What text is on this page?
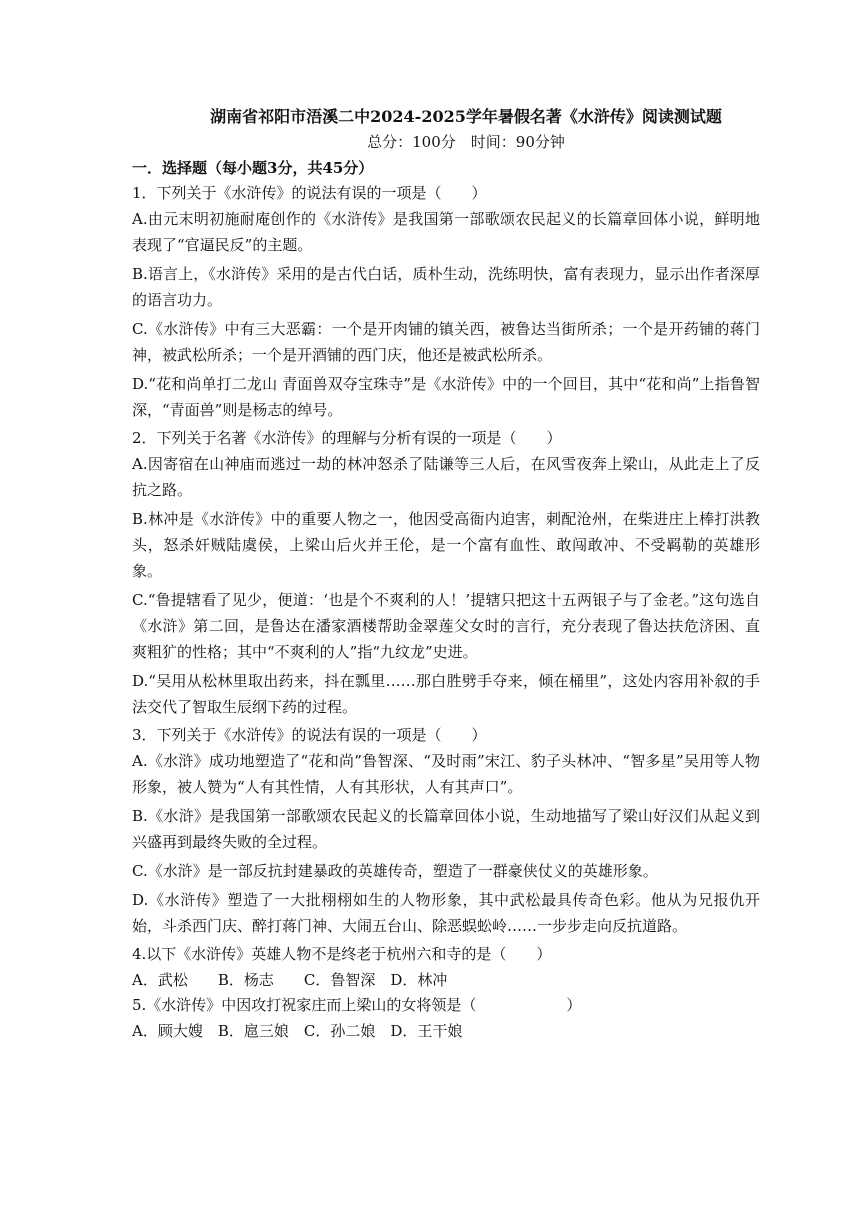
湖南省祁阳市浯溪二中2024-2025学年暑假名著《水浒传》阅读测试题
总分：100分　时间：90分钟
一．选择题（每小题3分，共45分）
1．下列关于《水浒传》的说法有误的一项是（　　）
A.由元末明初施耐庵创作的《水浒传》是我国第一部歌颂农民起义的长篇章回体小说，鲜明地表现了“官逼民反”的主题。
B.语言上，《水浒传》采用的是古代白话，质朴生动，洗练明快，富有表现力，显示出作者深厚的语言功力。
C.《水浒传》中有三大恶霸：一个是开肉铺的镇关西，被鲁达当街所杀；一个是开药铺的蒋门神，被武松所杀；一个是开酒铺的西门庆，他还是被武松所杀。
D.“花和尚单打二龙山 青面兽双夺宝珠寺”是《水浒传》中的一个回目，其中“花和尚”上指鲁智深，“青面兽”则是杨志的绰号。
2．下列关于名著《水浒传》的理解与分析有误的一项是（　　）
A.因寄宿在山神庙而逃过一劫的林冲怒杀了陆谦等三人后，在风雪夜奔上梁山，从此走上了反抗之路。
B.林冲是《水浒传》中的重要人物之一，他因受高衙内迫害，刺配沧州，在柴进庄上棒打洪教头，怒杀奸贼陆虞侯，上梁山后火并王伦，是一个富有血性、敢闯敢冲、不受羁勒的英雄形象。
C.“鲁提辖看了见少，便道：‘也是个不爽利的人！’提辖只把这十五两银子与了金老。”这句选自《水浒》第二回，是鲁达在潘家酒楼帮助金翠莲父女时的言行，充分表现了鲁达扶危济困、直爽粗犷的性格；其中“不爽利的人”指“九纹龙”史进。
D.“吴用从松林里取出药来，抖在瓢里……那白胜劈手夺来，倾在桶里”，这处内容用补叙的手法交代了智取生辰纲下药的过程。
3．下列关于《水浒传》的说法有误的一项是（　　）
A.《水浒》成功地塑造了“花和尚”鲁智深、“及时雨”宋江、豹子头林冲、“智多星”吴用等人物形象，被人赞为“人有其性情，人有其形状，人有其声口”。
B.《水浒》是我国第一部歌颂农民起义的长篇章回体小说，生动地描写了梁山好汉们从起义到兴盛再到最终失败的全过程。
C.《水浒》是一部反抗封建暴政的英雄传奇，塑造了一群豪侠仗义的英雄形象。
D.《水浒传》塑造了一大批栩栩如生的人物形象，其中武松最具传奇色彩。他从为兄报仇开始，斗杀西门庆、醉打蒋门神、大闹五台山、除恶蜈蚣岭……一步步走向反抗道路。
4.以下《水浒传》英雄人物不是终老于杭州六和寺的是（　　）
A．武松　　B．杨志　　C．鲁智深　D．林冲
5.《水浒传》中因攻打祝家庄而上梁山的女将领是（　　　　　　）
A．顾大嫂　B．扈三娘　C．孙二娘　D．王干娘
